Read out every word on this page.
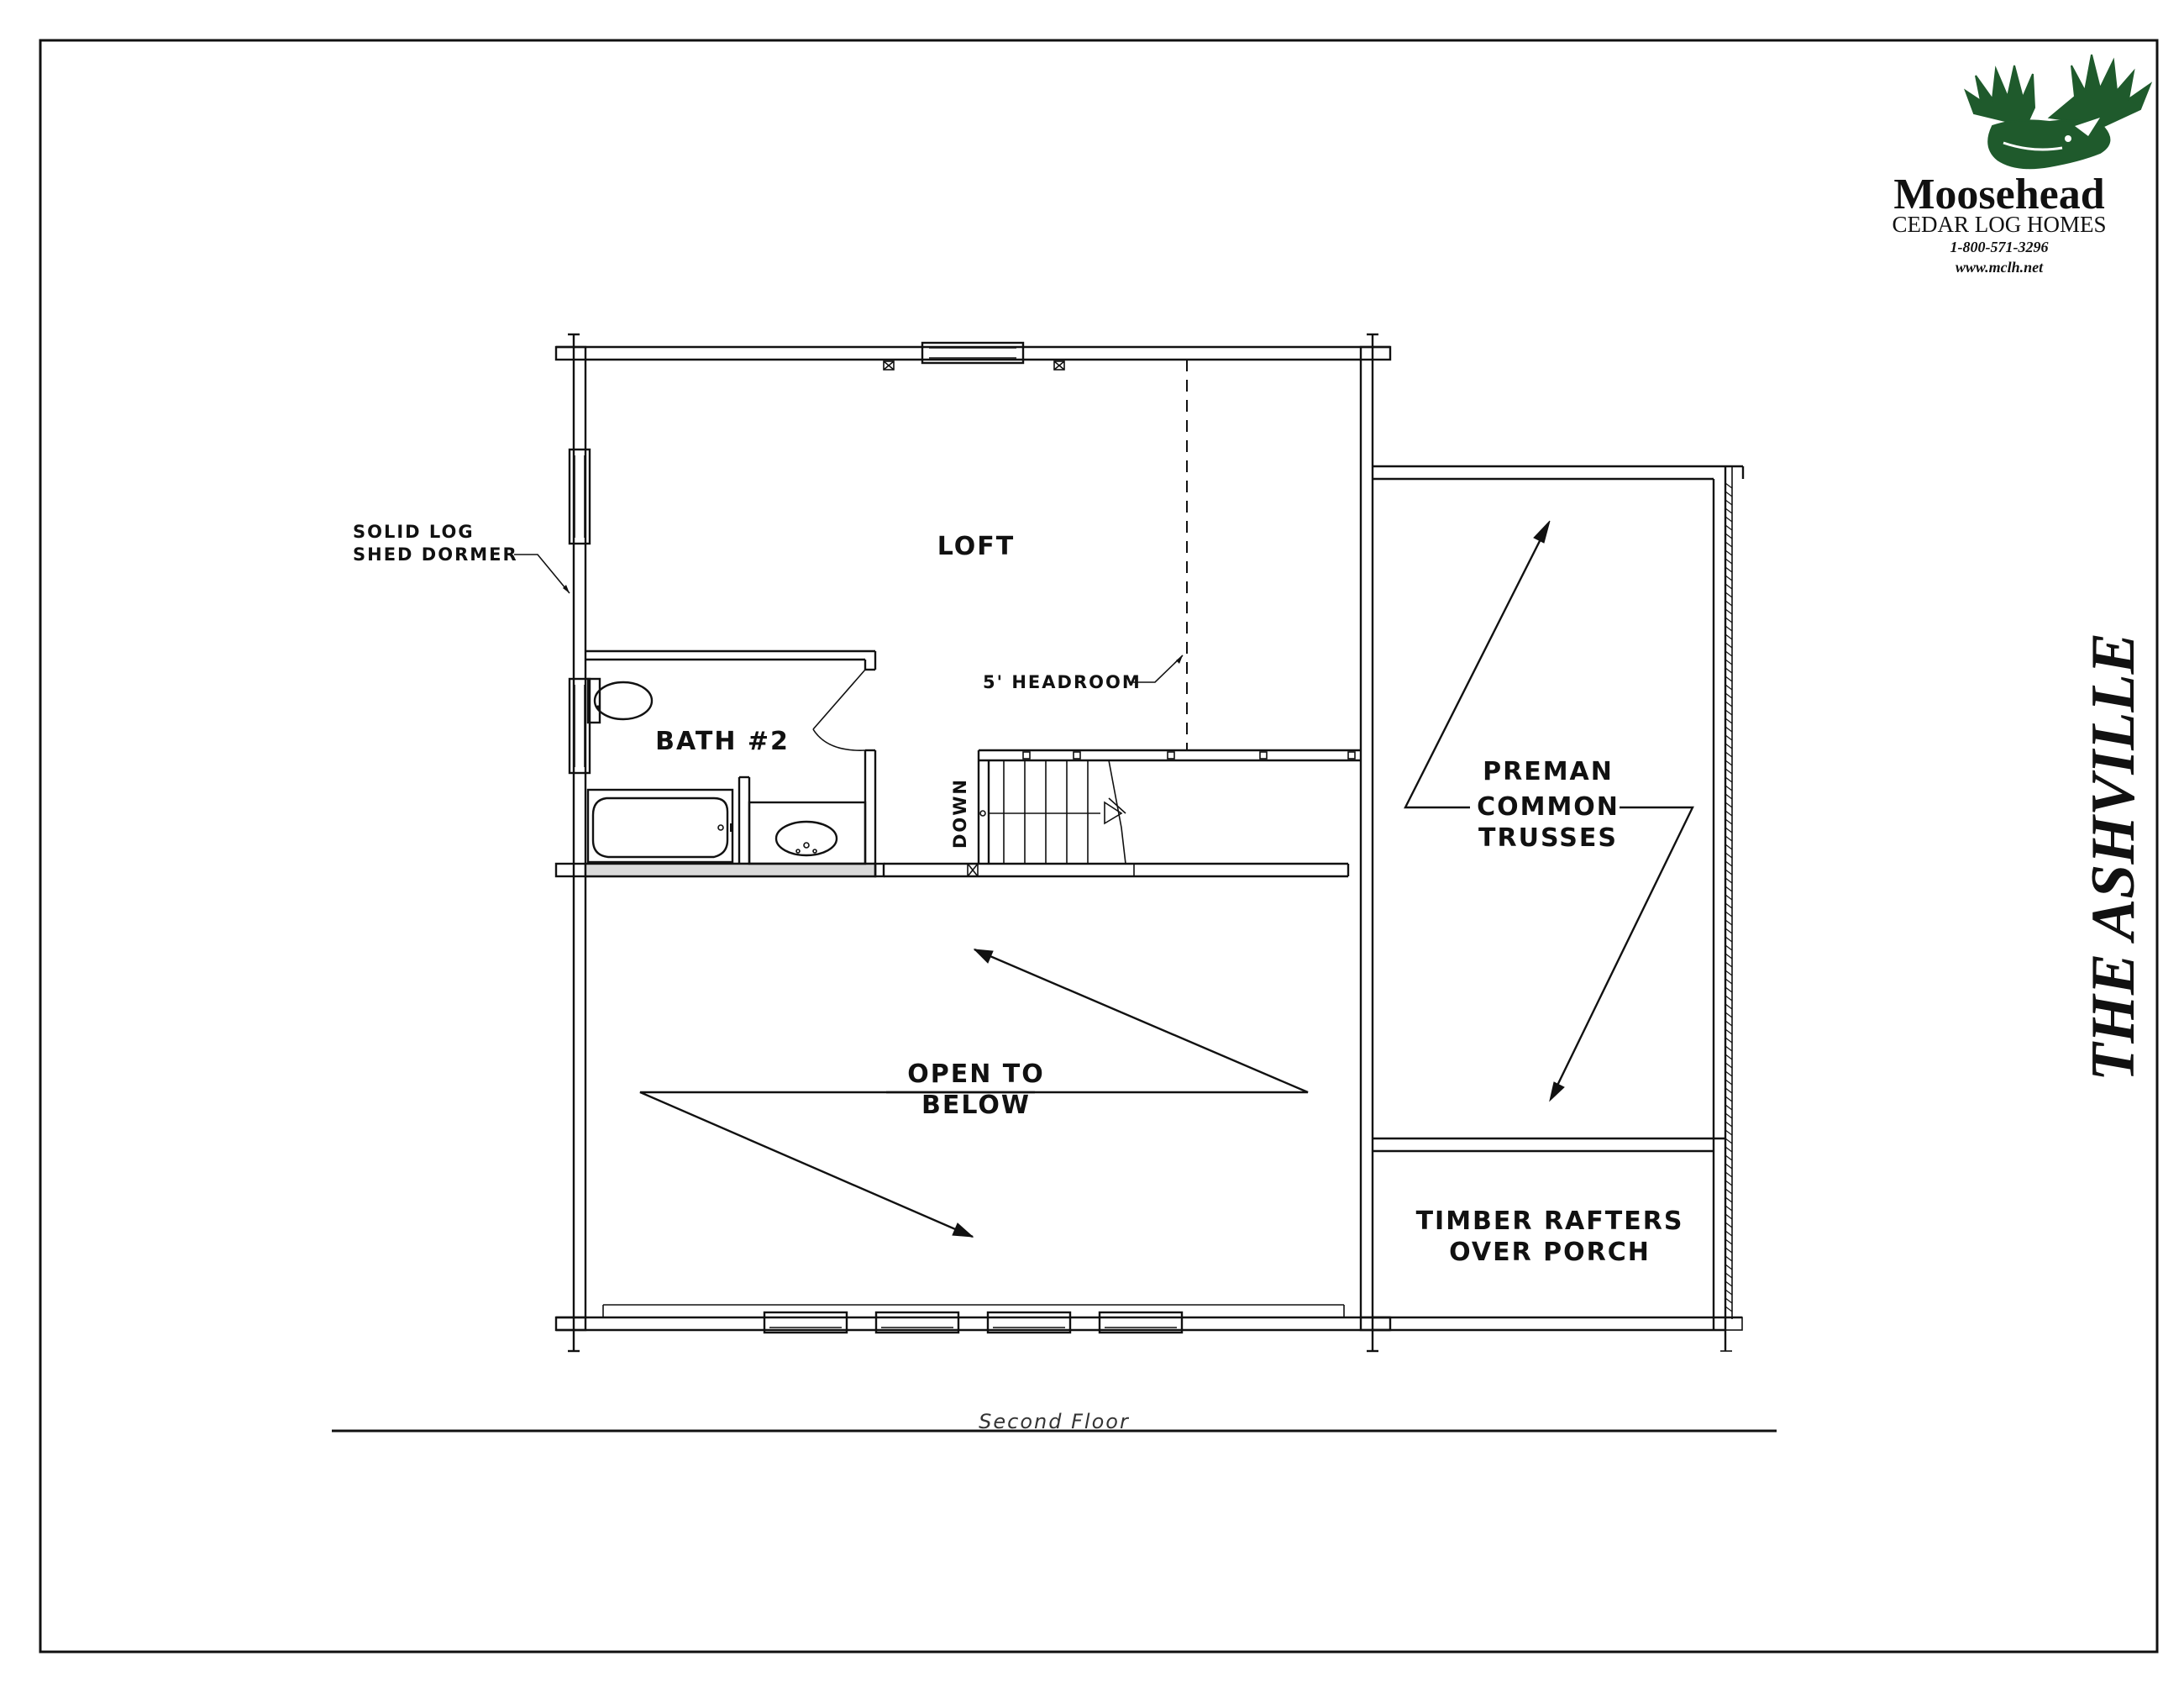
Moosehead
CEDAR LOG HOMES
1-800-571-3296
www.mclh.net
THE ASHVILLE
DOWN
LOFT
BATH #2
SOLID LOG
SHED DORMER
5' HEADROOM
PREMAN
COMMON
TRUSSES
OPEN TO
BELOW
TIMBER RAFTERS
OVER PORCH
Second Floor
